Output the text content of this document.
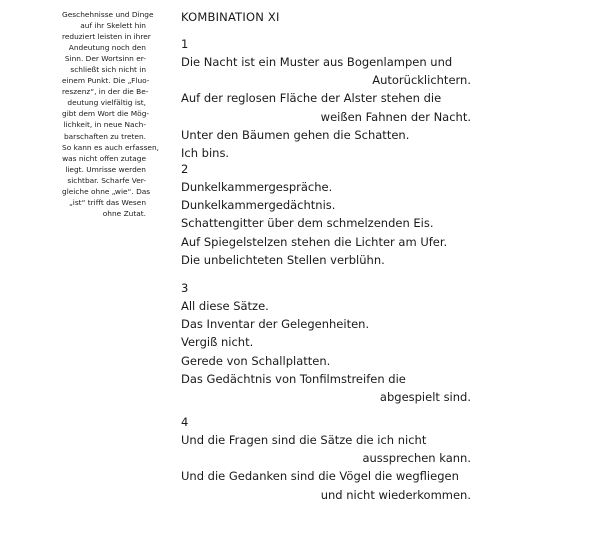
Geschehnisse und Dinge
auf ihr Skelett hin
reduziert leisten in ihrer
Andeutung noch den
Sinn. Der Wortsinn er-
schließt sich nicht in
einem Punkt. Die „Fluo-
reszenz“, in der die Be-
deutung vielfältig ist,
gibt dem Wort die Mög-
lichkeit, in neue Nach-
barschaften zu treten.
So kann es auch erfassen,
was nicht offen zutage
liegt. Umrisse werden
sichtbar. Scharfe Ver-
gleiche ohne „wie“. Das
„ist“ trifft das Wesen
ohne Zutat.
KOMBINATION XI
1
Die Nacht ist ein Muster aus Bogenlampen und
Autorücklichtern.
Auf der reglosen Fläche der Alster stehen die
weißen Fahnen der Nacht.
Unter den Bäumen gehen die Schatten.
Ich bins.
2
Dunkelkammergespräche.
Dunkelkammergedächtnis.
Schattengitter über dem schmelzenden Eis.
Auf Spiegelstelzen stehen die Lichter am Ufer.
Die unbelichteten Stellen verblühn.
3
All diese Sätze.
Das Inventar der Gelegenheiten.
Vergiß nicht.
Gerede von Schallplatten.
Das Gedächtnis von Tonfilmstreifen die
abgespielt sind.
4
Und die Fragen sind die Sätze die ich nicht
aussprechen kann.
Und die Gedanken sind die Vögel die wegfliegen
und nicht wiederkommen.
